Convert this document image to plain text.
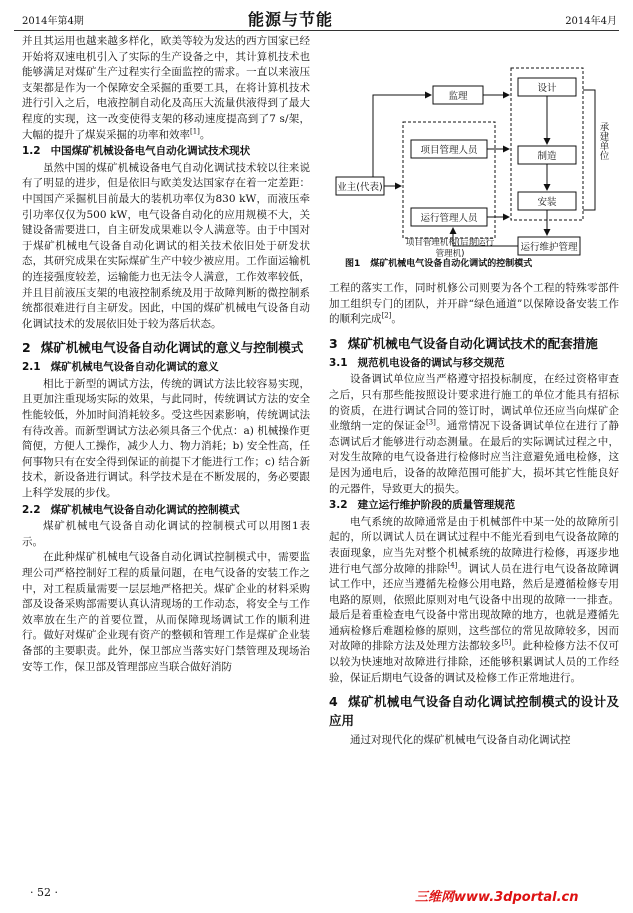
2014年第4期	能源与节能	2014年4月

并且其运用也越来越多样化，欧美等较为发达的西方国家已经开始将双速电机引入了实际的生产设备之中，其计算机技术也能够满足对煤矿生产过程实行全面监控的需求。一直以来液压支架都是作为一个保障安全采掘的重要工具，在将计算机技术进行引入之后，电液控制自动化及高压大流量供液得到了最大程度的实现，这一改变使得支架的移动速度提高到了7 s/架，大幅的提升了煤炭采掘的功率和效率[1]。

1.2 中国煤矿机械设备电气自动化调试技术现状

虽然中国的煤矿机械设备电气自动化调试技术较以往来说有了明显的进步，但是依旧与欧美发达国家存在着一定差距：中国国产采掘机目前最大的装机功率仅为830 kW，而液压牵引功率仅仅为500 kW，电气设备自动化的应用规模不大，关键设备需要进口，自主研发成果难以令人满意等。由于中国对于煤矿机械电气设备自动化调试的相关技术依旧处于研发状态，其研究成果在实际煤矿生产中较少被应用。工作面运输机的连接强度较差，运输能力也无法令人满意，工作效率较低，并且目前液压支架的电液控制系统及用于故障判断的微控制系统都很难进行自主研发。因此，中国的煤矿机械电气设备自动化调试技术的发展依旧处于较为落后状态。

2 煤矿机械电气设备自动化调试的意义与控制模式
2.1 煤矿机械电气设备自动化调试的意义

相比于新型的调试方法，传统的调试方法比较容易实现，且更加注重现场实际的效果，与此同时，传统调试方法的安全性能较低，外加时间消耗较多。受这些因素影响，传统调试法有待改善。而新型调试方法必须具备三个优点：a) 机械操作更简便，方便人工操作，减少人力、物力消耗；b) 安全性高，任何事物只有在安全得到保证的前提下才能进行工作；c) 结合新技术，新设备进行调试。科学技术是在不断发展的，务必要跟上科学发展的步伐。

2.2 煤矿机械电气设备自动化调试的控制模式

煤矿机械电气设备自动化调试的控制模式可以用图1表示。

在此种煤矿机械电气设备自动化调试控制模式中，需要监理公司严格控制好工程的质量问题，在电气设备的安装工作之中，对工程质量需要一层层地严格把关。煤矿企业的材料采购部及设备采购部需要认真认清现场的工作动态，将安全与工作效率放在生产的首要位置，从而保障现场调试工作的顺利进行。做好对煤矿企业现有资产的整顿和管理工作是煤矿企业装备部的主要职责。此外，保卫部应当落实好门禁管理及现场治安等工作，保卫部及管理部应当联合做好消防

监理
设计
项目管理人员
制造
业主(代表)
安装
运行管理人员
运行维护管理
承建单位
项目管理机构(后期运行管理机)
图1 煤矿机械电气设备自动化调试的控制模式

工程的落实工作，同时机修公司则要为各个工程的特殊零部件加工组织专门的团队，并开辟“绿色通道”以保障设备安装工作的顺利完成[2]。

3 煤矿机械电气设备自动化调试技术的配套措施
3.1 规范机电设备的调试与移交规范

设备调试单位应当严格遵守招投标制度，在经过资格审查之后，只有那些能按照设计要求进行施工的单位才能具有招标的资质，在进行调试合同的签订时，调试单位还应当向煤矿企业缴纳一定的保证金[3]。通常情况下设备调试单位在进行了静态调试后才能够进行动态测量。在最后的实际调试过程之中，对发生故障的电气设备进行检修时应当注意避免通电检修，这是因为通电后，设备的故障范围可能扩大，损坏其它性能良好的元器件，导致更大的损失。

3.2 建立运行维护阶段的质量管理规范

电气系统的故障通常是由于机械部件中某一处的故障所引起的，所以调试人员在调试过程中不能光看到电气设备故障的表面现象，应当先对整个机械系统的故障进行检修，再逐步地进行电气部分故障的排除[4]。调试人员在进行电气设备故障调试工作中，还应当遵循先检修公用电路，然后是遵循检修专用电路的原则，依照此原则对电气设备中出现的故障一一排查。最后是着重检查电气设备中常出现故障的地方，也就是遵循先通病检修后难题检修的原则，这些部位的常见故障较多，因而对故障的排除方法及处理方法都较多[5]。此种检修方法不仅可以较为快速地对故障进行排除，还能够积累调试人员的工作经验，保证后期电气设备的调试及检修工作正常地进行。

4 煤矿机械电气设备自动化调试控制模式的设计及应用

通过对现代化的煤矿机械电气设备自动化调试控

· 52 ·	三维网www.3dportal.cn
